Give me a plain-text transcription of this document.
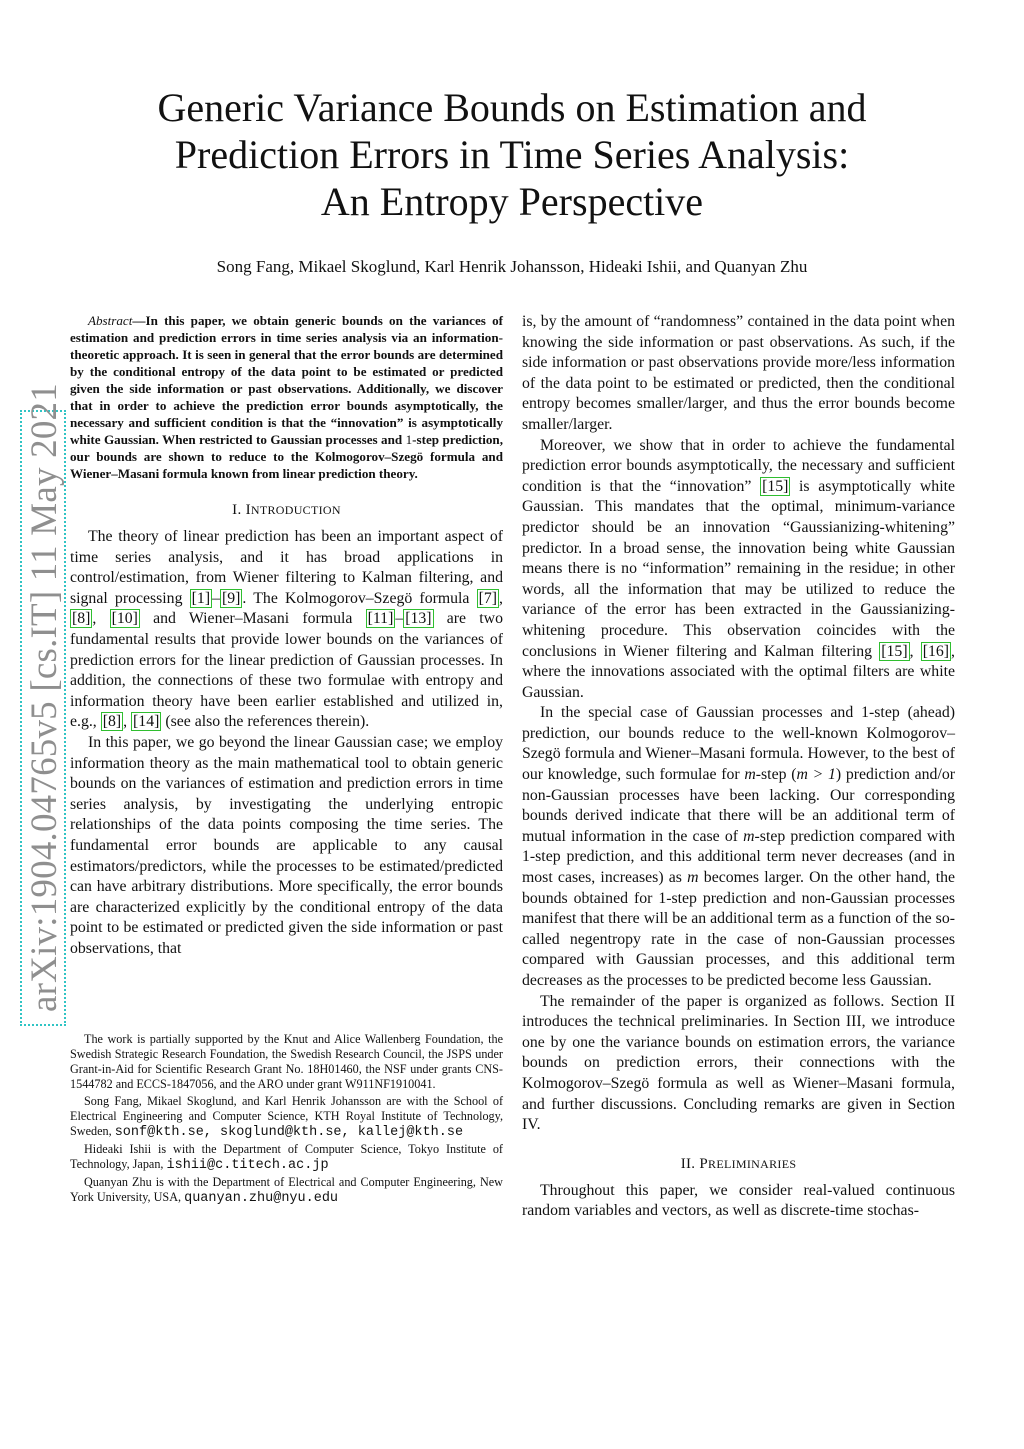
Generic Variance Bounds on Estimation and
Prediction Errors in Time Series Analysis:
An Entropy Perspective
Song Fang, Mikael Skoglund, Karl Henrik Johansson, Hideaki Ishii, and Quanyan Zhu
arXiv:1904.04765v5 [cs.IT] 11 May 2021

Abstract—In this paper, we obtain generic bounds on the variances of estimation and prediction errors in time series analysis via an information-theoretic approach. It is seen in general that the error bounds are determined by the conditional entropy of the data point to be estimated or predicted given the side information or past observations. Additionally, we discover that in order to achieve the prediction error bounds asymptotically, the necessary and sufficient condition is that the “innovation” is asymptotically white Gaussian. When restricted to Gaussian processes and 1-step prediction, our bounds are shown to reduce to the Kolmogorov–Szegö formula and Wiener–Masani formula known from linear prediction theory.

I. INTRODUCTION

The theory of linear prediction has been an important aspect of time series analysis, and it has broad applications in control/estimation, from Wiener filtering to Kalman filtering, and signal processing [1] – [9] . The Kolmogorov–Szegö formula [7] , [8] , [10] and Wiener–Masani formula [11] – [13] are two fundamental results that provide lower bounds on the variances of prediction errors for the linear prediction of Gaussian processes. In addition, the connections of these two formulae with entropy and information theory have been earlier established and utilized in, e.g., [8] , [14] (see also the references therein).

In this paper, we go beyond the linear Gaussian case; we employ information theory as the main mathematical tool to obtain generic bounds on the variances of estimation and prediction errors in time series analysis, by investigating the underlying entropic relationships of the data points composing the time series. The fundamental error bounds are applicable to any causal estimators/predictors, while the processes to be estimated/predicted can have arbitrary distributions. More specifically, the error bounds are characterized explicitly by the conditional entropy of the data point to be estimated or predicted given the side information or past observations, that

The work is partially supported by the Knut and Alice Wallenberg Foundation, the Swedish Strategic Research Foundation, the Swedish Research Council, the JSPS under Grant-in-Aid for Scientific Research Grant No. 18H01460, the NSF under grants CNS-1544782 and ECCS-1847056, and the ARO under grant W911NF1910041.

Song Fang, Mikael Skoglund, and Karl Henrik Johansson are with the School of Electrical Engineering and Computer Science, KTH Royal Institute of Technology, Sweden, sonf@kth.se, skoglund@kth.se, kallej@kth.se

Hideaki Ishii is with the Department of Computer Science, Tokyo Institute of Technology, Japan, ishii@c.titech.ac.jp

Quanyan Zhu is with the Department of Electrical and Computer Engineering, New York University, USA, quanyan.zhu@nyu.edu

is, by the amount of “randomness” contained in the data point when knowing the side information or past observations. As such, if the side information or past observations provide more/less information of the data point to be estimated or predicted, then the conditional entropy becomes smaller/larger, and thus the error bounds become smaller/larger.

Moreover, we show that in order to achieve the fundamental prediction error bounds asymptotically, the necessary and sufficient condition is that the “innovation” [15] is asymptotically white Gaussian. This mandates that the optimal, minimum-variance predictor should be an innovation “Gaussianizing-whitening” predictor. In a broad sense, the innovation being white Gaussian means there is no “information” remaining in the residue; in other words, all the information that may be utilized to reduce the variance of the error has been extracted in the Gaussianizing-whitening procedure. This observation coincides with the conclusions in Wiener filtering and Kalman filtering [15] , [16] , where the innovations associated with the optimal filters are white Gaussian.

In the special case of Gaussian processes and 1-step (ahead) prediction, our bounds reduce to the well-known Kolmogorov–Szegö formula and Wiener–Masani formula. However, to the best of our knowledge, such formulae for m-step (m > 1) prediction and/or non-Gaussian processes have been lacking. Our corresponding bounds derived indicate that there will be an additional term of mutual information in the case of m-step prediction compared with 1-step prediction, and this additional term never decreases (and in most cases, increases) as m becomes larger. On the other hand, the bounds obtained for 1-step prediction and non-Gaussian processes manifest that there will be an additional term as a function of the so-called negentropy rate in the case of non-Gaussian processes compared with Gaussian processes, and this additional term decreases as the processes to be predicted become less Gaussian.

The remainder of the paper is organized as follows. Section II introduces the technical preliminaries. In Section III, we introduce one by one the variance bounds on estimation errors, the variance bounds on prediction errors, their connections with the Kolmogorov–Szegö formula as well as Wiener–Masani formula, and further discussions. Concluding remarks are given in Section IV.

II. PRELIMINARIES

Throughout this paper, we consider real-valued continuous random variables and vectors, as well as discrete-time stochas-
